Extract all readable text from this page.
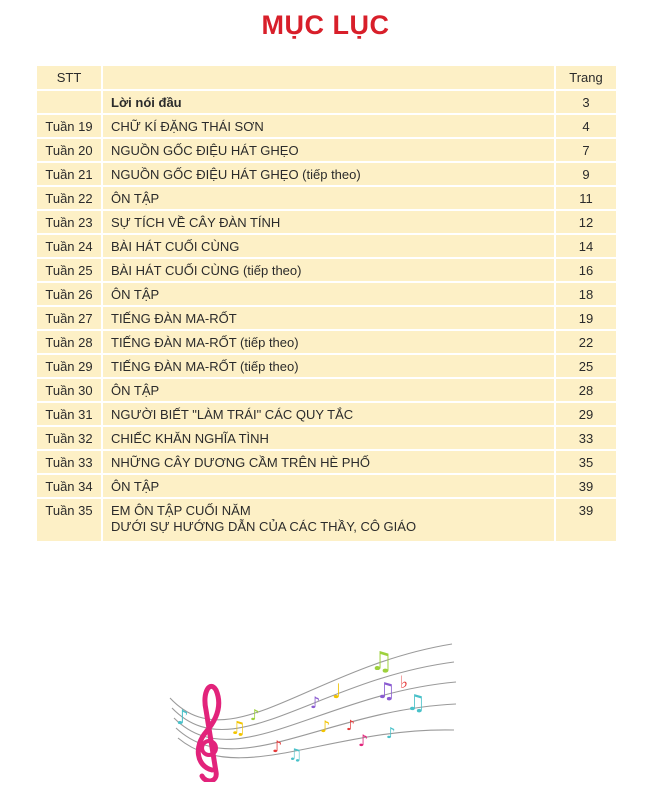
MỤC LỤC
STT		Trang
	Lời nói đầu	3
Tuần 19	CHỮ KÍ ĐẶNG THÁI SƠN	4
Tuần 20	NGUỒN GỐC ĐIỆU HÁT GHẸO	7
Tuần 21	NGUỒN GỐC ĐIỆU HÁT GHẸO (tiếp theo)	9
Tuần 22	ÔN TẬP	11
Tuần 23	SỰ TÍCH VỀ CÂY ĐÀN TÍNH	12
Tuần 24	BÀI HÁT CUỐI CÙNG	14
Tuần 25	BÀI HÁT CUỐI CÙNG (tiếp theo)	16
Tuần 26	ÔN TẬP	18
Tuần 27	TIẾNG ĐÀN MA-RỐT	19
Tuần 28	TIẾNG ĐÀN MA-RỐT (tiếp theo)	22
Tuần 29	TIẾNG ĐÀN MA-RỐT (tiếp theo)	25
Tuần 30	ÔN TẬP	28
Tuần 31	NGƯỜI BIẾT "LÀM TRÁI" CÁC QUY TẮC	29
Tuần 32	CHIẾC KHĂN NGHĨA TÌNH	33
Tuần 33	NHỮNG CÂY DƯƠNG CẦM TRÊN HÈ PHỐ	35
Tuần 34	ÔN TẬP	39
Tuần 35	EM ÔN TẬP CUỐI NĂM
DƯỚI SỰ HƯỚNG DẪN CỦA CÁC THẦY, CÔ GIÁO	39
♪ ♫
♪
♪ ♫
♪
♪
♩
♪
♪
♫
♫ ♭
♪
♫
